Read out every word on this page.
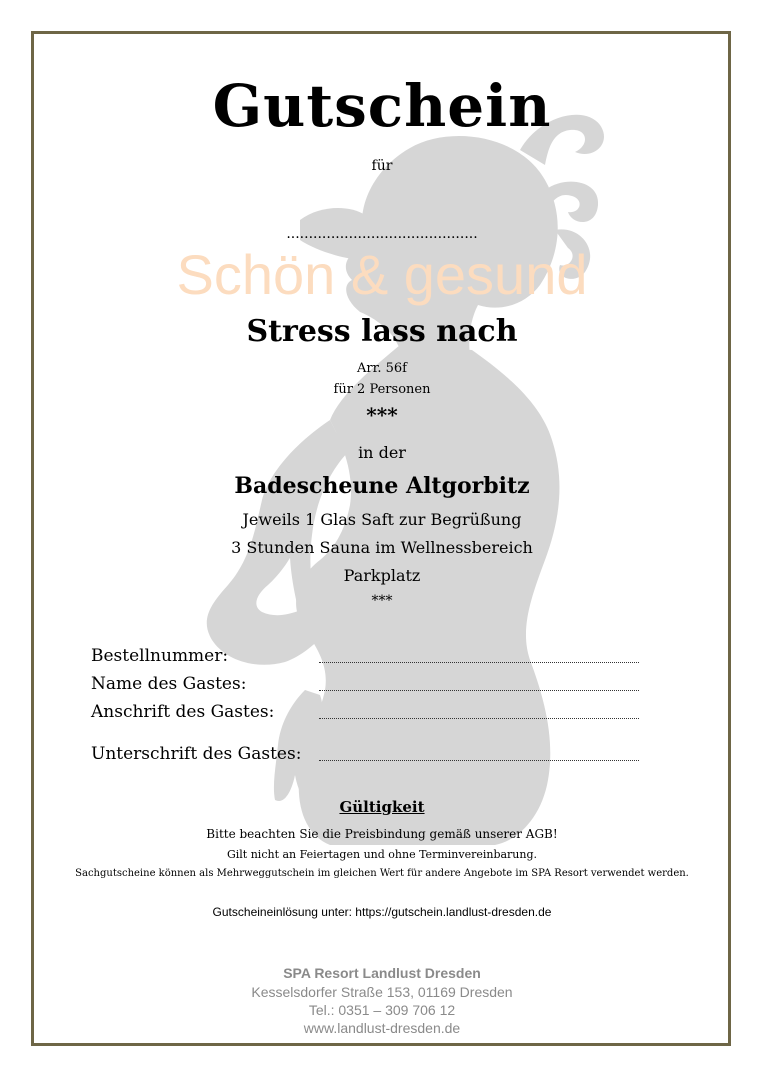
Gutschein
für
...........................................
Schön & gesund
Stress lass nach
Arr. 56f
für 2 Personen
***
in der
Badescheune Altgorbitz
Jeweils 1 Glas Saft zur Begrüßung
3 Stunden Sauna im Wellnessbereich
Parkplatz
***
Bestellnummer:
Name des Gastes:
Anschrift des Gastes:
Unterschrift des Gastes:
Gültigkeit
Bitte beachten Sie die Preisbindung gemäß unserer AGB!
Gilt nicht an Feiertagen und ohne Terminvereinbarung.
Sachgutscheine können als Mehrweggutschein im gleichen Wert für andere Angebote im SPA Resort verwendet werden.
Gutscheineinlösung unter: https://gutschein.landlust-dresden.de
SPA Resort Landlust Dresden
Kesselsdorfer Straße 153, 01169 Dresden
Tel.: 0351 – 309 706 12
www.landlust-dresden.de
